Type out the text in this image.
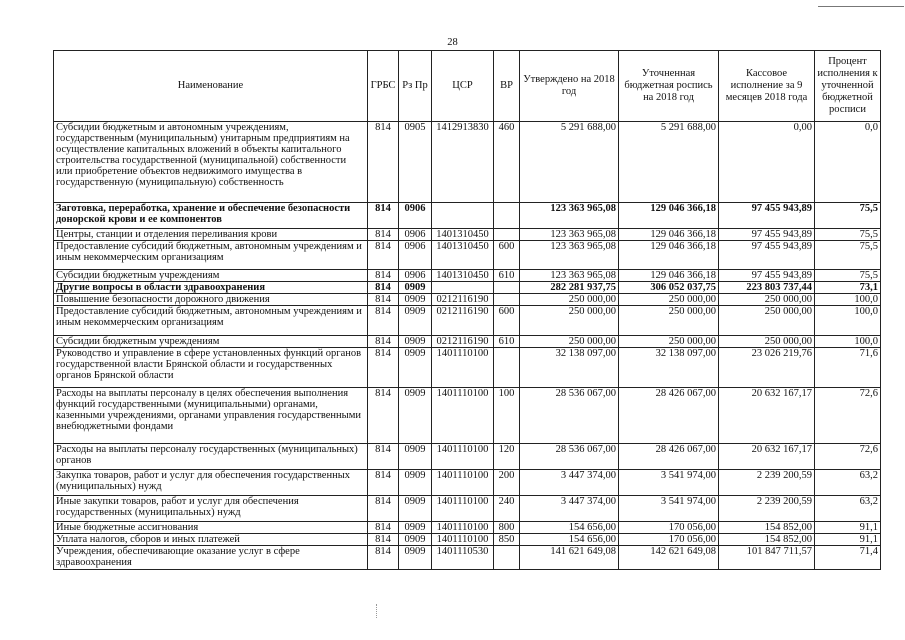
28
Наименование	ГРБС	Рз Пр	ЦСР	ВР	Утверждено на 2018 год	Уточненная бюджетная роспись на 2018 год	Кассовое исполнение за 9 месяцев 2018 года	Процент исполнения к уточненной бюджетной росписи
Субсидии бюджетным и автономным учреждениям, государственным (муниципальным) унитарным предприятиям на осуществление капитальных вложений в объекты капитального строительства государственной (муниципальной) собственности или приобретение объектов недвижимого имущества в государственную (муниципальную) собственность	814	0905	1412913830	460	5 291 688,00	5 291 688,00	0,00	0,0
Заготовка, переработка, хранение и обеспечение безопасности донорской крови и ее компонентов	814	0906			123 363 965,08	129 046 366,18	97 455 943,89	75,5
Центры, станции и отделения переливания крови	814	0906	1401310450		123 363 965,08	129 046 366,18	97 455 943,89	75,5
Предоставление субсидий бюджетным, автономным учреждениям и иным некоммерческим организациям	814	0906	1401310450	600	123 363 965,08	129 046 366,18	97 455 943,89	75,5
Субсидии бюджетным учреждениям	814	0906	1401310450	610	123 363 965,08	129 046 366,18	97 455 943,89	75,5
Другие вопросы в области здравоохранения	814	0909			282 281 937,75	306 052 037,75	223 803 737,44	73,1
Повышение безопасности дорожного движения	814	0909	0212116190		250 000,00	250 000,00	250 000,00	100,0
Предоставление субсидий бюджетным, автономным учреждениям и иным некоммерческим организациям	814	0909	0212116190	600	250 000,00	250 000,00	250 000,00	100,0
Субсидии бюджетным учреждениям	814	0909	0212116190	610	250 000,00	250 000,00	250 000,00	100,0
Руководство и управление в сфере установленных функций органов государственной власти Брянской области и государственных органов Брянской области	814	0909	1401110100		32 138 097,00	32 138 097,00	23 026 219,76	71,6
Расходы на выплаты персоналу в целях обеспечения выполнения функций государственными (муниципальными) органами, казенными учреждениями, органами управления государственными внебюджетными фондами	814	0909	1401110100	100	28 536 067,00	28 426 067,00	20 632 167,17	72,6
Расходы на выплаты персоналу государственных (муниципальных) органов	814	0909	1401110100	120	28 536 067,00	28 426 067,00	20 632 167,17	72,6
Закупка товаров, работ и услуг для обеспечения государственных (муниципальных) нужд	814	0909	1401110100	200	3 447 374,00	3 541 974,00	2 239 200,59	63,2
Иные закупки товаров, работ и услуг для обеспечения государственных (муниципальных) нужд	814	0909	1401110100	240	3 447 374,00	3 541 974,00	2 239 200,59	63,2
Иные бюджетные ассигнования	814	0909	1401110100	800	154 656,00	170 056,00	154 852,00	91,1
Уплата налогов, сборов и иных платежей	814	0909	1401110100	850	154 656,00	170 056,00	154 852,00	91,1
Учреждения, обеспечивающие оказание услуг в сфере здравоохранения	814	0909	1401110530		141 621 649,08	142 621 649,08	101 847 711,57	71,4
